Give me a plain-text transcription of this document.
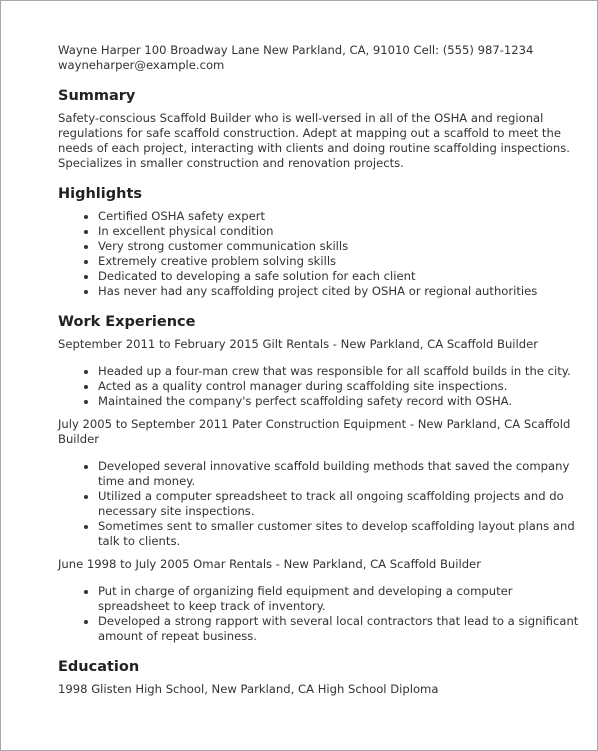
Wayne Harper 100 Broadway Lane New Parkland, CA, 91010 Cell: (555) 987-1234
wayneharper@example.com
Summary

Safety-conscious Scaffold Builder who is well-versed in all of the OSHA and regional regulations for safe scaffold construction. Adept at mapping out a scaffold to meet the needs of each project, interacting with clients and doing routine scaffolding inspections. Specializes in smaller construction and renovation projects.

Highlights
• Certified OSHA safety expert
• In excellent physical condition
• Very strong customer communication skills
• Extremely creative problem solving skills
• Dedicated to developing a safe solution for each client
• Has never had any scaffolding project cited by OSHA or regional authorities
Work Experience
September 2011 to February 2015 Gilt Rentals - New Parkland, CA Scaffold Builder
• Headed up a four-man crew that was responsible for all scaffold builds in the city.
• Acted as a quality control manager during scaffolding site inspections.
• Maintained the company's perfect scaffolding safety record with OSHA.
July 2005 to September 2011 Pater Construction Equipment - New Parkland, CA Scaffold Builder
• Developed several innovative scaffold building methods that saved the company time and money.
• Utilized a computer spreadsheet to track all ongoing scaffolding projects and do necessary site inspections.
• Sometimes sent to smaller customer sites to develop scaffolding layout plans and talk to clients.
June 1998 to July 2005 Omar Rentals - New Parkland, CA Scaffold Builder
• Put in charge of organizing field equipment and developing a computer spreadsheet to keep track of inventory.
• Developed a strong rapport with several local contractors that lead to a significant amount of repeat business.
Education
1998 Glisten High School, New Parkland, CA High School Diploma
